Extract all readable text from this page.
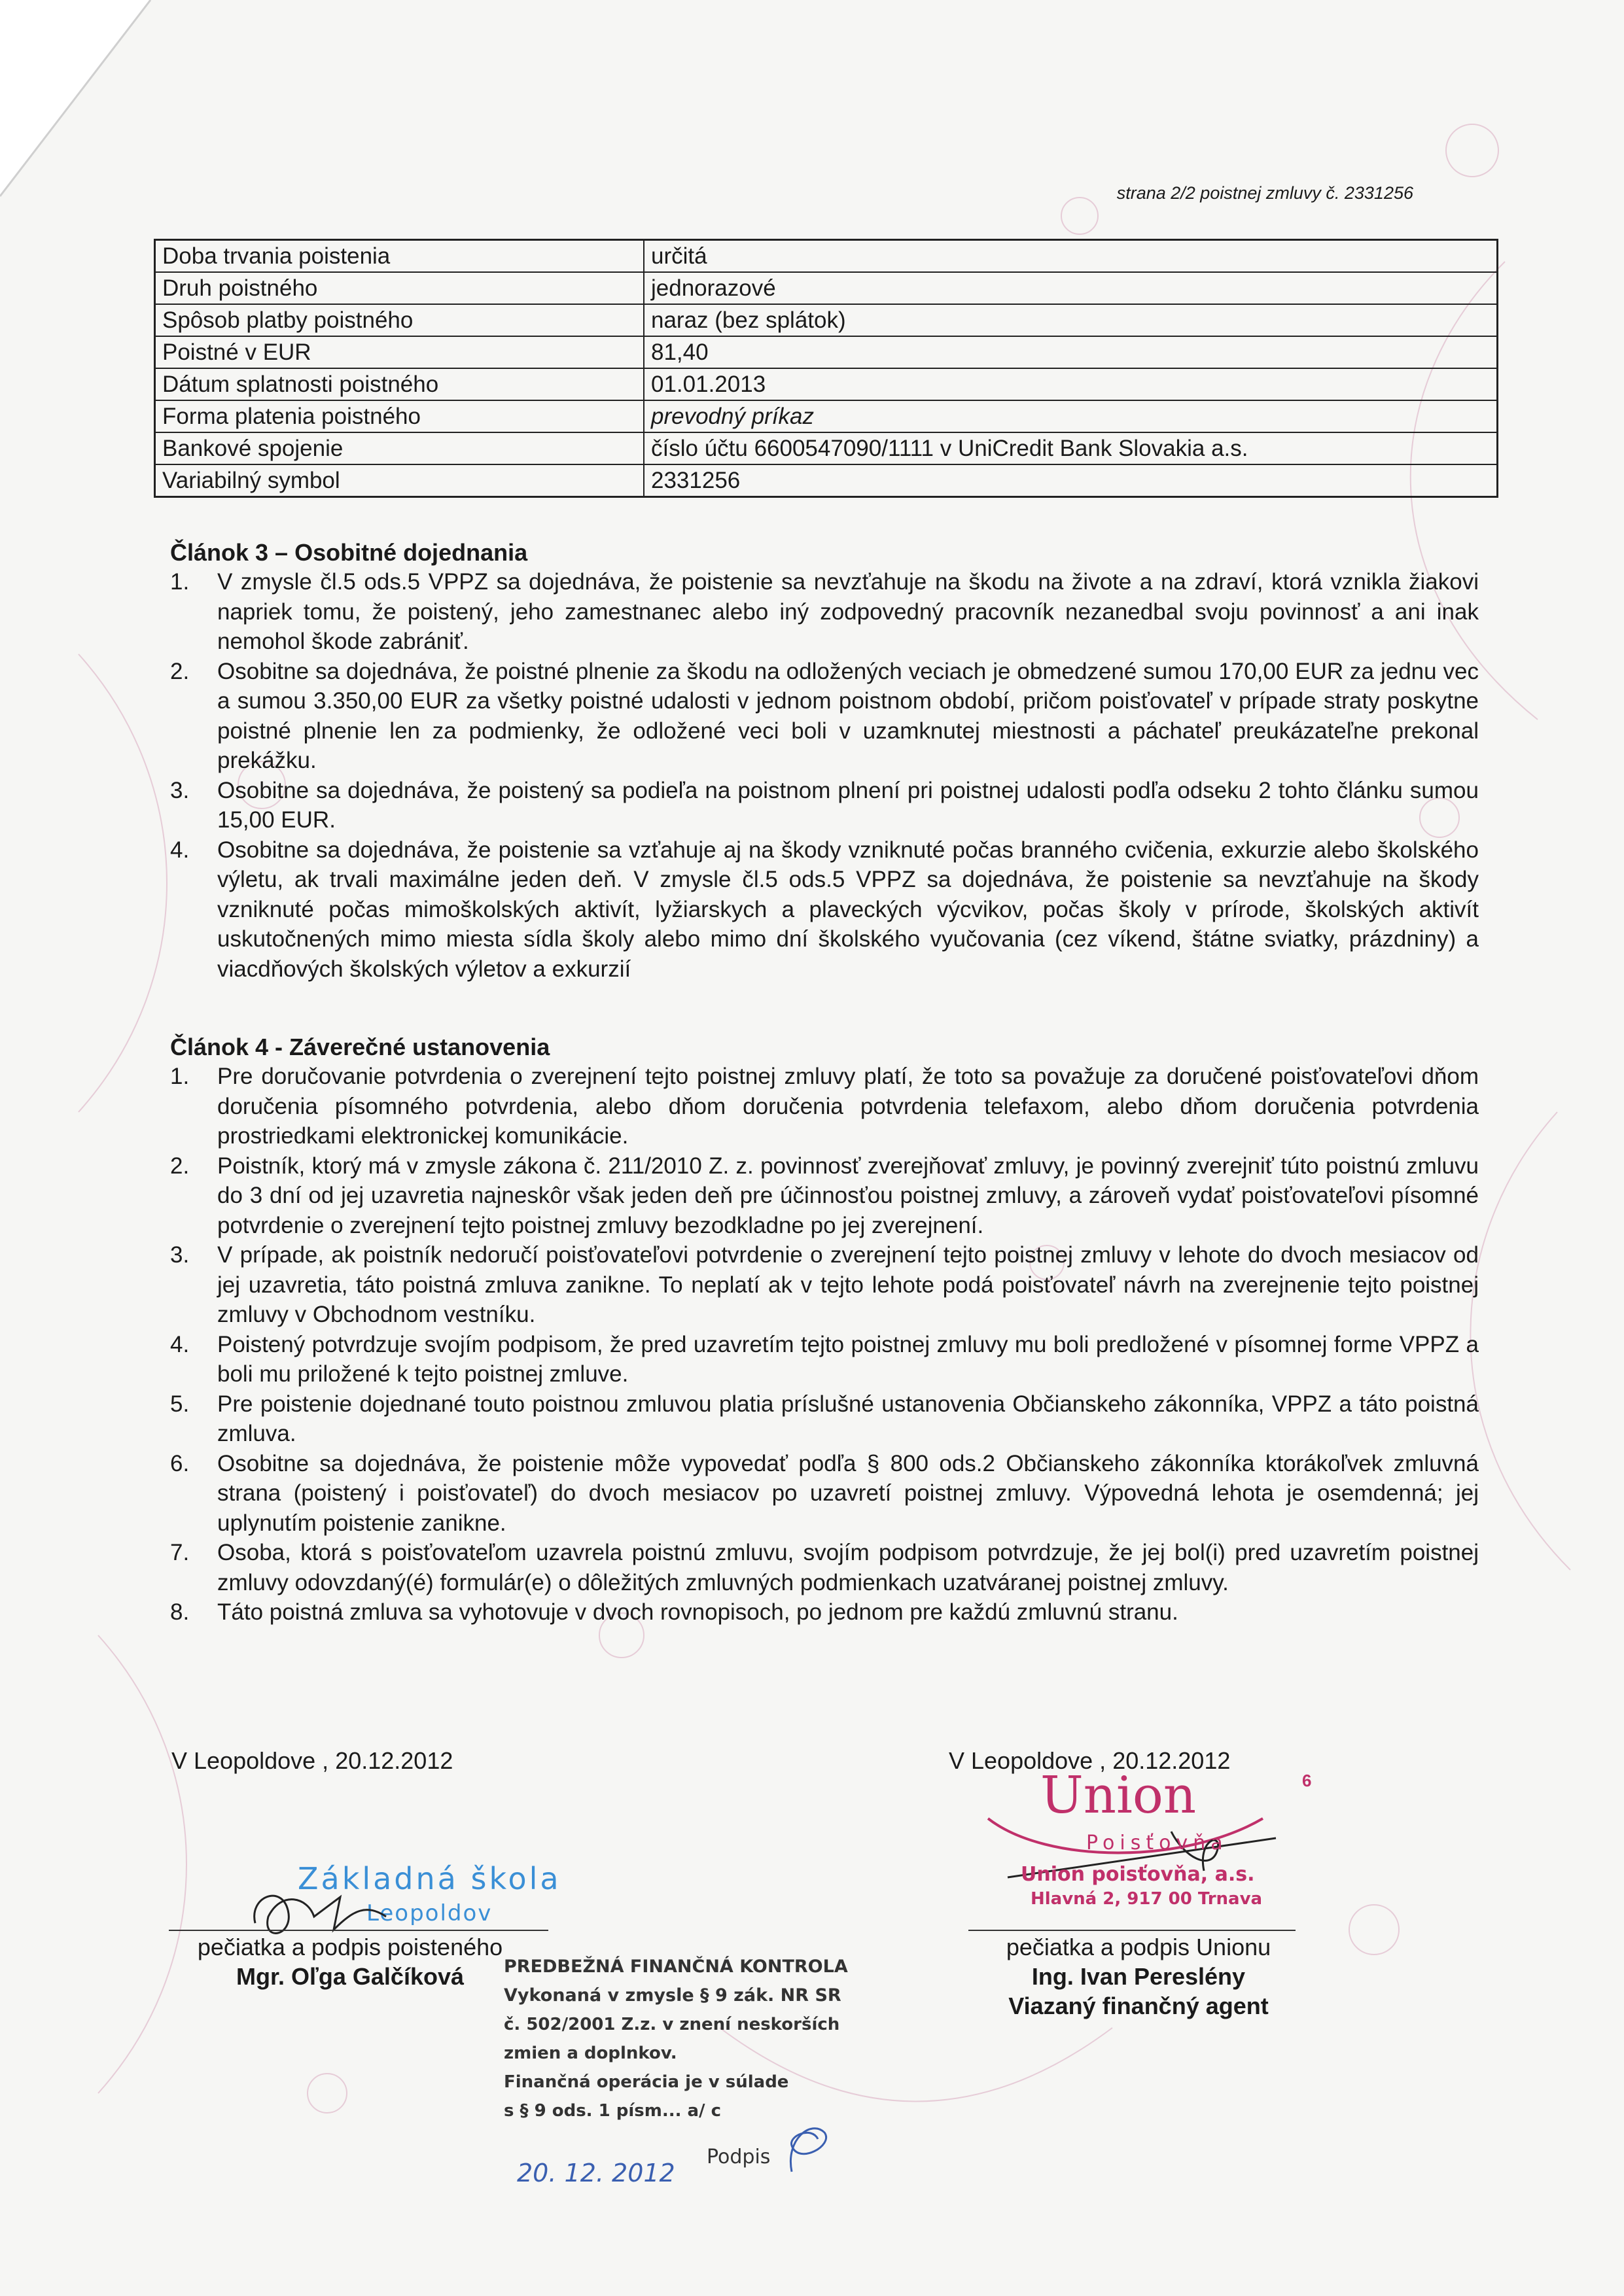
strana 2/2 poistnej zmluvy č. 2331256
Doba trvania poistenia	určitá
Druh poistného	jednorazové
Spôsob platby poistného	naraz (bez splátok)
Poistné v EUR	81,40
Dátum splatnosti poistného	01.01.2013
Forma platenia poistného	prevodný príkaz
Bankové spojenie	číslo účtu 6600547090/1111 v UniCredit Bank Slovakia a.s.
Variabilný symbol	2331256
Článok 3 – Osobitné dojednania
1. V zmysle čl.5 ods.5 VPPZ sa dojednáva, že poistenie sa nevzťahuje na škodu na živote a na zdraví, ktorá vznikla žiakovi napriek tomu, že poistený, jeho zamestnanec alebo iný zodpovedný pracovník nezanedbal svoju povinnosť a ani inak nemohol škode zabrániť.
2. Osobitne sa dojednáva, že poistné plnenie za škodu na odložených veciach je obmedzené sumou 170,00 EUR za jednu vec a sumou 3.350,00 EUR za všetky poistné udalosti v jednom poistnom období, pričom poisťovateľ v prípade straty poskytne poistné plnenie len za podmienky, že odložené veci boli v uzamknutej miestnosti a páchateľ preukázateľne prekonal prekážku.
3. Osobitne sa dojednáva, že poistený sa podieľa na poistnom plnení pri poistnej udalosti podľa odseku 2 tohto článku sumou 15,00 EUR.
4. Osobitne sa dojednáva, že poistenie sa vzťahuje aj na škody vzniknuté počas branného cvičenia, exkurzie alebo školského výletu, ak trvali maximálne jeden deň. V zmysle čl.5 ods.5 VPPZ sa dojednáva, že poistenie sa nevzťahuje na škody vzniknuté počas mimoškolských aktivít, lyžiarskych a plaveckých výcvikov, počas školy v prírode, školských aktivít uskutočnených mimo miesta sídla školy alebo mimo dní školského vyučovania (cez víkend, štátne sviatky, prázdniny) a viacdňových školských výletov a exkurzií
Článok 4 - Záverečné ustanovenia
1. Pre doručovanie potvrdenia o zverejnení tejto poistnej zmluvy platí, že toto sa považuje za doručené poisťovateľovi dňom doručenia písomného potvrdenia, alebo dňom doručenia potvrdenia telefaxom, alebo dňom doručenia potvrdenia prostriedkami elektronickej komunikácie.
2. Poistník, ktorý má v zmysle zákona č. 211/2010 Z. z. povinnosť zverejňovať zmluvy, je povinný zverejniť túto poistnú zmluvu do 3 dní od jej uzavretia najneskôr však jeden deň pre účinnosťou poistnej zmluvy, a zároveň vydať poisťovateľovi písomné potvrdenie o zverejnení tejto poistnej zmluvy bezodkladne po jej zverejnení.
3. V prípade, ak poistník nedoručí poisťovateľovi potvrdenie o zverejnení tejto poistnej zmluvy v lehote do dvoch mesiacov od jej uzavretia, táto poistná zmluva zanikne. To neplatí ak v tejto lehote podá poisťovateľ návrh na zverejnenie tejto poistnej zmluvy v Obchodnom vestníku.
4. Poistený potvrdzuje svojím podpisom, že pred uzavretím tejto poistnej zmluvy mu boli predložené v písomnej forme VPPZ a boli mu priložené k tejto poistnej zmluve.
5. Pre poistenie dojednané touto poistnou zmluvou platia príslušné ustanovenia Občianskeho zákonníka, VPPZ a táto poistná zmluva.
6. Osobitne sa dojednáva, že poistenie môže vypovedať podľa § 800 ods.2 Občianskeho zákonníka ktorákoľvek zmluvná strana (poistený i poisťovateľ) do dvoch mesiacov po uzavretí poistnej zmluvy. Výpovedná lehota je osemdenná; jej uplynutím poistenie zanikne.
7. Osoba, ktorá s poisťovateľom uzavrela poistnú zmluvu, svojím podpisom potvrdzuje, že jej bol(i) pred uzavretím poistnej zmluvy odovzdaný(é) formulár(e) o dôležitých zmluvných podmienkach uzatváranej poistnej zmluvy.
8. Táto poistná zmluva sa vyhotovuje v dvoch rovnopisoch, po jednom pre každú zmluvnú stranu.
V Leopoldove , 20.12.2012	V Leopoldove , 20.12.2012
6
Základná škola
Leopoldov
Union
Poisťovňa
Union poisťovňa, a.s.
Hlavná 2, 917 00 Trnava
pečiatka a podpis poisteného
Mgr. Oľga Galčíková
pečiatka a podpis Unionu
Ing. Ivan Pereslény
Viazaný finančný agent
PREDBEŽNÁ FINANČNÁ KONTROLA
Vykonaná v zmysle § 9 zák. NR SR
č. 502/2001 Z.z. v znení neskorších
zmien a doplnkov.
Finančná operácia je v súlade
s § 9 ods. 1 písm... a/ c
20. 12. 2012
Podpis
